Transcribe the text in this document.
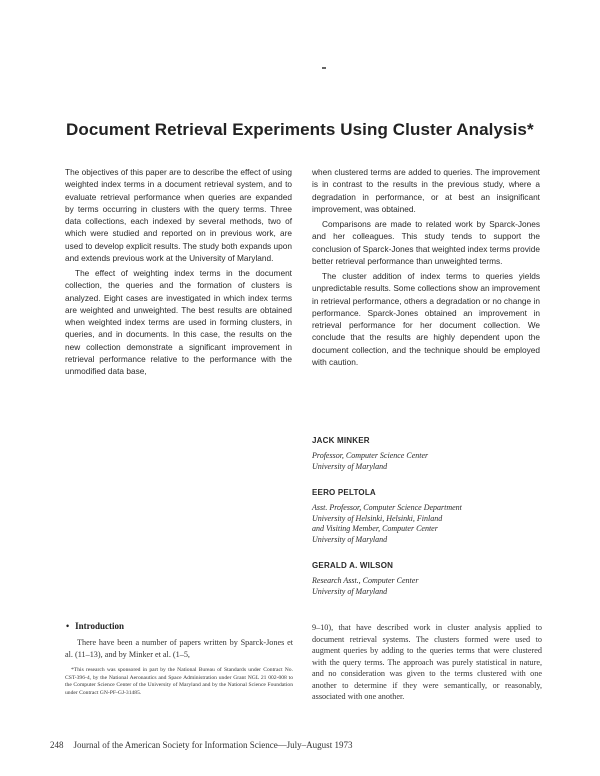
Document Retrieval Experiments Using Cluster Analysis*

The objectives of this paper are to describe the effect of using weighted index terms in a document retrieval system, and to evaluate retrieval performance when queries are expanded by terms occurring in clusters with the query terms. Three data collections, each indexed by several methods, two of which were studied and reported on in previous work, are used to develop explicit results. The study both expands upon and extends previous work at the University of Maryland.

The effect of weighting index terms in the document collection, the queries and the formation of clusters is analyzed. Eight cases are investigated in which index terms are weighted and unweighted. The best results are obtained when weighted index terms are used in forming clusters, in queries, and in documents. In this case, the results on the new collection demonstrate a significant improvement in retrieval performance relative to the performance with the unmodified data base,

when clustered terms are added to queries. The improvement is in contrast to the results in the previous study, where a degradation in performance, or at best an insignificant improvement, was obtained.

Comparisons are made to related work by Sparck-Jones and her colleagues. This study tends to support the conclusion of Sparck-Jones that weighted index terms provide better retrieval performance than unweighted terms.

The cluster addition of index terms to queries yields unpredictable results. Some collections show an improvement in retrieval performance, others a degradation or no change in performance. Sparck-Jones obtained an improvement in retrieval performance for her document collection. We conclude that the results are highly dependent upon the document collection, and the technique should be employed with caution.

JACK MINKER
Professor, Computer Science Center
University of Maryland
EERO PELTOLA
Asst. Professor, Computer Science Department
University of Helsinki, Helsinki, Finland
and Visiting Member, Computer Center
University of Maryland
GERALD A. WILSON
Research Asst., Computer Center
University of Maryland
• Introduction

There have been a number of papers written by Sparck-Jones et al. (11–13), and by Minker et al. (1–5,

*This research was sponsored in part by the National Bureau of Standards under Contract No. CST-396-4, by the National Aeronautics and Space Administration under Grant NGL 21 002-008 to the Computer Science Center of the University of Maryland and by the National Science Foundation under Contract GN-PF-GJ-31485.

9–10), that have described work in cluster analysis applied to document retrieval systems. The clusters formed were used to augment queries by adding to the queries terms that were clustered with the query terms. The approach was purely statistical in nature, and no consideration was given to the terms clustered with one another to determine if they were semantically, or reasonably, associated with one another.

248 Journal of the American Society for Information Science—July–August 1973
